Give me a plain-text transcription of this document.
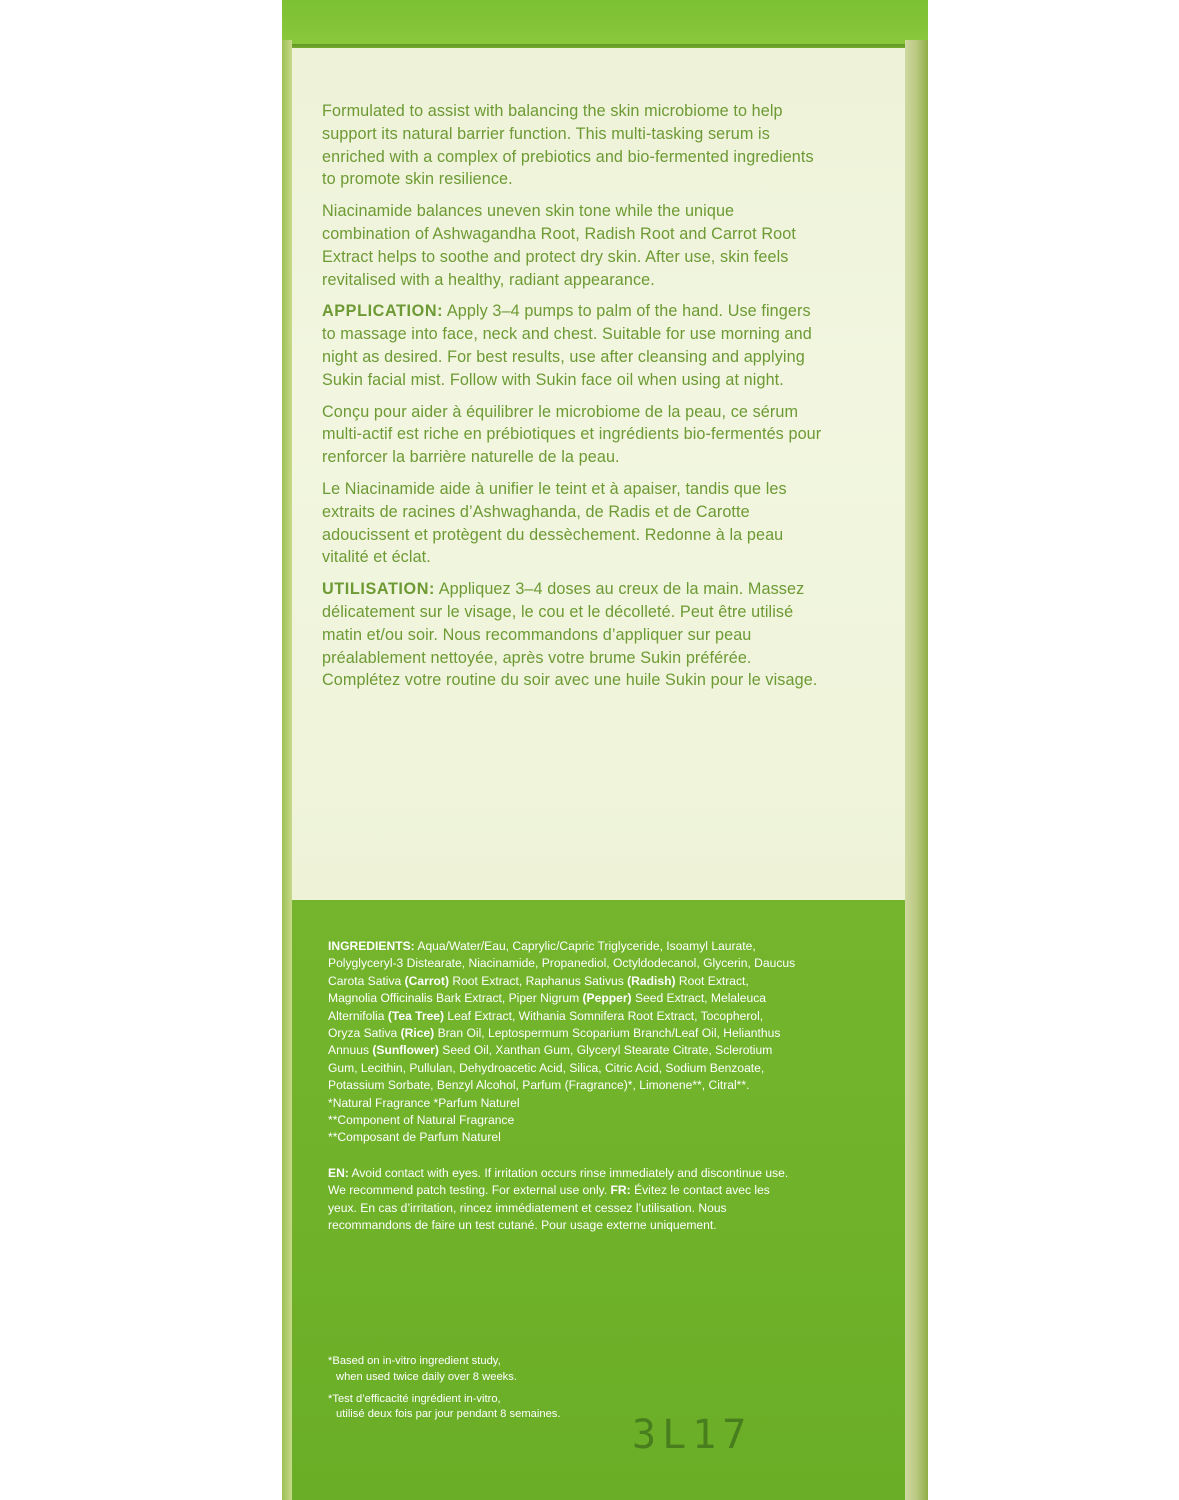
Formulated to assist with balancing the skin microbiome to help support its natural barrier function. This multi-tasking serum is enriched with a complex of prebiotics and bio-fermented ingredients to promote skin resilience.

Niacinamide balances uneven skin tone while the unique combination of Ashwagandha Root, Radish Root and Carrot Root Extract helps to soothe and protect dry skin. After use, skin feels revitalised with a healthy, radiant appearance.

APPLICATION: Apply 3–4 pumps to palm of the hand. Use fingers to massage into face, neck and chest. Suitable for use morning and night as desired. For best results, use after cleansing and applying Sukin facial mist. Follow with Sukin face oil when using at night.

Conçu pour aider à équilibrer le microbiome de la peau, ce sérum multi-actif est riche en prébiotiques et ingrédients bio-fermentés pour renforcer la barrière naturelle de la peau.

Le Niacinamide aide à unifier le teint et à apaiser, tandis que les extraits de racines d’Ashwaghanda, de Radis et de Carotte adoucissent et protègent du dessèchement. Redonne à la peau vitalité et éclat.

UTILISATION: Appliquez 3–4 doses au creux de la main. Massez délicatement sur le visage, le cou et le décolleté. Peut être utilisé matin et/ou soir. Nous recommandons d’appliquer sur peau préalablement nettoyée, après votre brume Sukin préférée. Complétez votre routine du soir avec une huile Sukin pour le visage.

INGREDIENTS: Aqua/Water/Eau, Caprylic/Capric Triglyceride, Isoamyl Laurate, Polyglyceryl-3 Distearate, Niacinamide, Propanediol, Octyldodecanol, Glycerin, Daucus Carota Sativa (Carrot) Root Extract, Raphanus Sativus (Radish) Root Extract, Magnolia Officinalis Bark Extract, Piper Nigrum (Pepper) Seed Extract, Melaleuca Alternifolia (Tea Tree) Leaf Extract, Withania Somnifera Root Extract, Tocopherol, Oryza Sativa (Rice) Bran Oil, Leptospermum Scoparium Branch/Leaf Oil, Helianthus Annuus (Sunflower) Seed Oil, Xanthan Gum, Glyceryl Stearate Citrate, Sclerotium Gum, Lecithin, Pullulan, Dehydroacetic Acid, Silica, Citric Acid, Sodium Benzoate, Potassium Sorbate, Benzyl Alcohol, Parfum (Fragrance)*, Limonene**, Citral**.

*Natural Fragrance *Parfum Naturel

**Component of Natural Fragrance

**Composant de Parfum Naturel

EN: Avoid contact with eyes. If irritation occurs rinse immediately and discontinue use. We recommend patch testing. For external use only. FR: Évitez le contact avec les yeux. En cas d’irritation, rincez immédiatement et cessez l’utilisation. Nous recommandons de faire un test cutané. Pour usage externe uniquement.

*Based on in-vitro ingredient study,

when used twice daily over 8 weeks.

*Test d’efficacité ingrédient in-vitro,

utilisé deux fois par jour pendant 8 semaines.	3L17
